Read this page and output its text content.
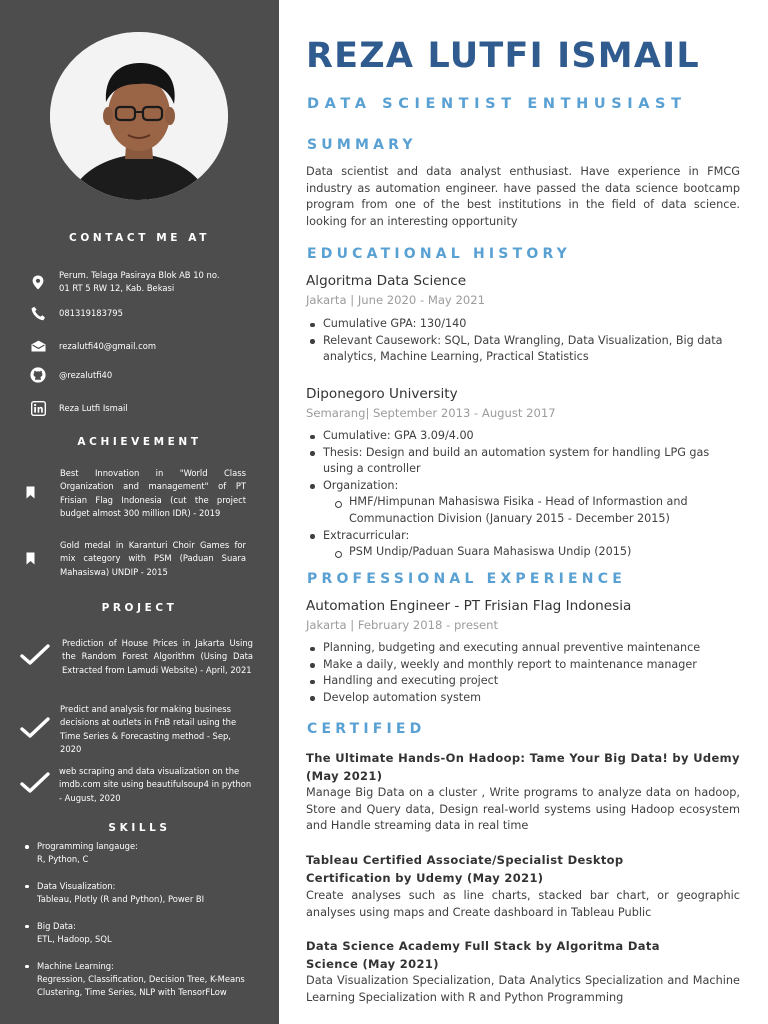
CONTACT ME AT
Perum. Telaga Pasiraya Blok AB 10 no.
01 RT 5 RW 12, Kab. Bekasi
081319183795
rezalutfi40@gmail.com
@rezalutfi40
Reza Lutfi Ismail
ACHIEVEMENT
Best Innovation in "World Class Organization and management" of PT Frisian Flag Indonesia (cut the project budget almost 300 million IDR) - 2019
Gold medal in Karanturi Choir Games for mix category with PSM (Paduan Suara Mahasiswa) UNDIP - 2015
PROJECT
Prediction of House Prices in Jakarta Using the Random Forest Algorithm (Using Data Extracted from Lamudi Website) - April, 2021
Predict and analysis for making business decisions at outlets in FnB retail using the Time Series & Forecasting method - Sep, 2020
web scraping and data visualization on the imdb.com site using beautifulsoup4 in python - August, 2020
SKILLS
Programming langauge:
R, Python, C
Data Visualization:
Tableau, Plotly (R and Python), Power BI
Big Data:
ETL, Hadoop, SQL
Machine Learning:
Regression, Classification, Decision Tree, K-Means Clustering, Time Series, NLP with TensorFLow
REZA LUTFI ISMAIL
DATA SCIENTIST ENTHUSIAST
SUMMARY
Data scientist and data analyst enthusiast. Have experience in FMCG industry as automation engineer. have passed the data science bootcamp program from one of the best institutions in the field of data science. looking for an interesting opportunity
EDUCATIONAL HISTORY
Algoritma Data Science
Jakarta | June 2020 - May 2021
Cumulative GPA: 130/140
Relevant Causework: SQL, Data Wrangling, Data Visualization, Big data analytics, Machine Learning, Practical Statistics
Diponegoro University
Semarang| September 2013 - August 2017
Cumulative: GPA 3.09/4.00
Thesis: Design and build an automation system for handling LPG gas using a controller
Organization:
HMF/Himpunan Mahasiswa Fisika - Head of Informastion and Communaction Division (January 2015 - December 2015)
Extracurricular:
PSM Undip/Paduan Suara Mahasiswa Undip (2015)
PROFESSIONAL EXPERIENCE
Automation Engineer - PT Frisian Flag Indonesia
Jakarta | February 2018 - present
Planning, budgeting and executing annual preventive maintenance
Make a daily, weekly and monthly report to maintenance manager
Handling and executing project
Develop automation system
CERTIFIED
The Ultimate Hands-On Hadoop: Tame Your Big Data! by Udemy (May 2021)
Manage Big Data on a cluster , Write programs to analyze data on hadoop, Store and Query data, Design real-world systems using Hadoop ecosystem and Handle streaming data in real time
Tableau Certified Associate/Specialist Desktop Certification by Udemy (May 2021)
Create analyses such as line charts, stacked bar chart, or geographic analyses using maps and Create dashboard in Tableau Public
Data Science Academy Full Stack by Algoritma Data Science (May 2021)
Data Visualization Specialization, Data Analytics Specialization and Machine Learning Specialization with R and Python Programming
